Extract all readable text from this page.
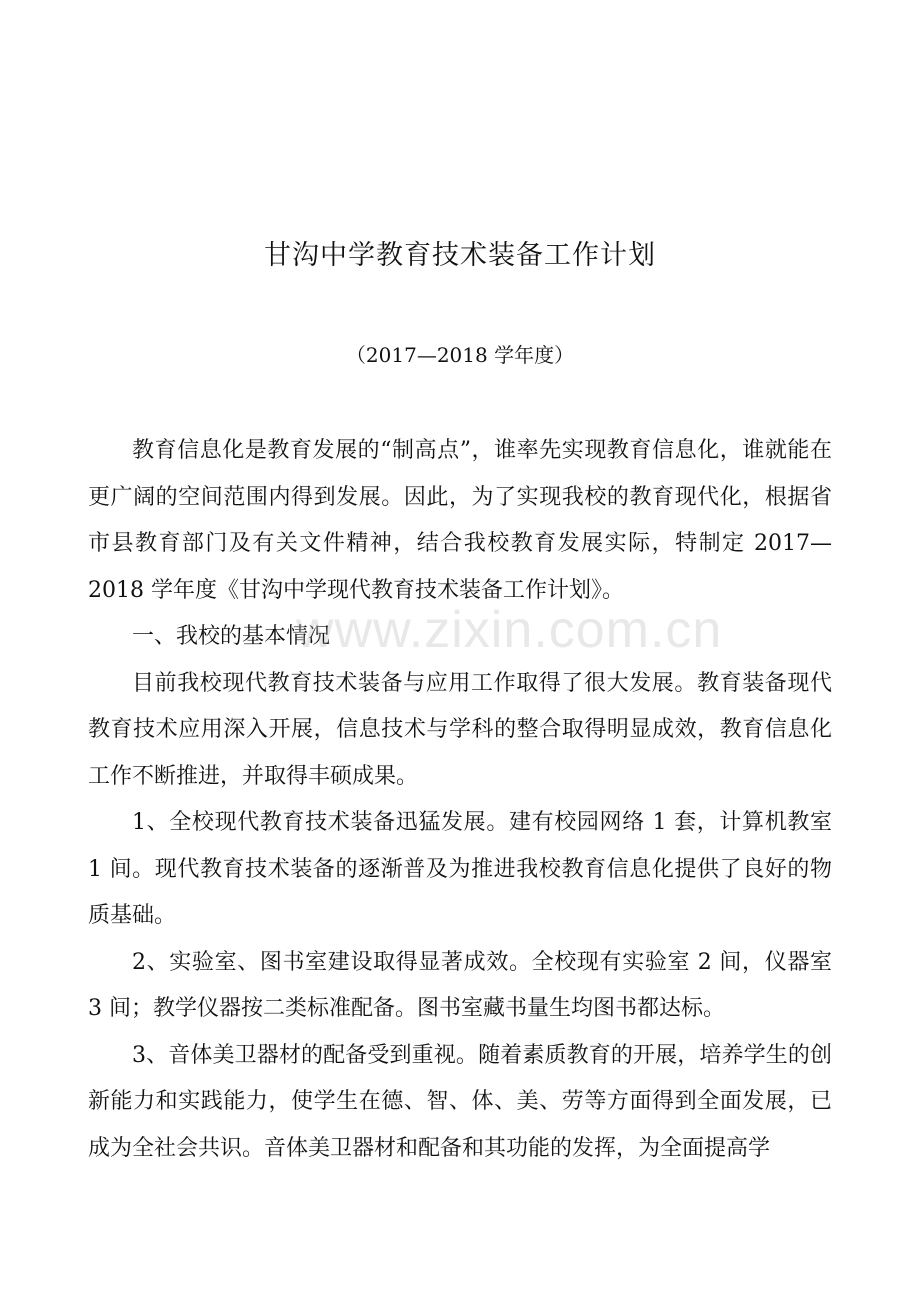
甘沟中学教育技术装备工作计划
（2017—2018 学年度）

教育信息化是教育发展的“制高点”，谁率先实现教育信息化，谁就能在更广阔的空间范围内得到发展。因此，为了实现我校的教育现代化，根据省市县教育部门及有关文件精神，结合我校教育发展实际，特制定 2017—2018 学年度《甘沟中学现代教育技术装备工作计划》。

一、我校的基本情况

目前我校现代教育技术装备与应用工作取得了很大发展。教育装备现代教育技术应用深入开展，信息技术与学科的整合取得明显成效，教育信息化工作不断推进，并取得丰硕成果。

1、全校现代教育技术装备迅猛发展。建有校园网络 1 套，计算机教室 1 间。现代教育技术装备的逐渐普及为推进我校教育信息化提供了良好的物质基础。

2、实验室、图书室建设取得显著成效。全校现有实验室 2 间，仪器室 3 间；教学仪器按二类标准配备。图书室藏书量生均图书都达标。

3、音体美卫器材的配备受到重视。随着素质教育的开展，培养学生的创新能力和实践能力，使学生在德、智、体、美、劳等方面得到全面发展，已成为全社会共识。音体美卫器材和配备和其功能的发挥，为全面提高学

www.zixin.com.cn
